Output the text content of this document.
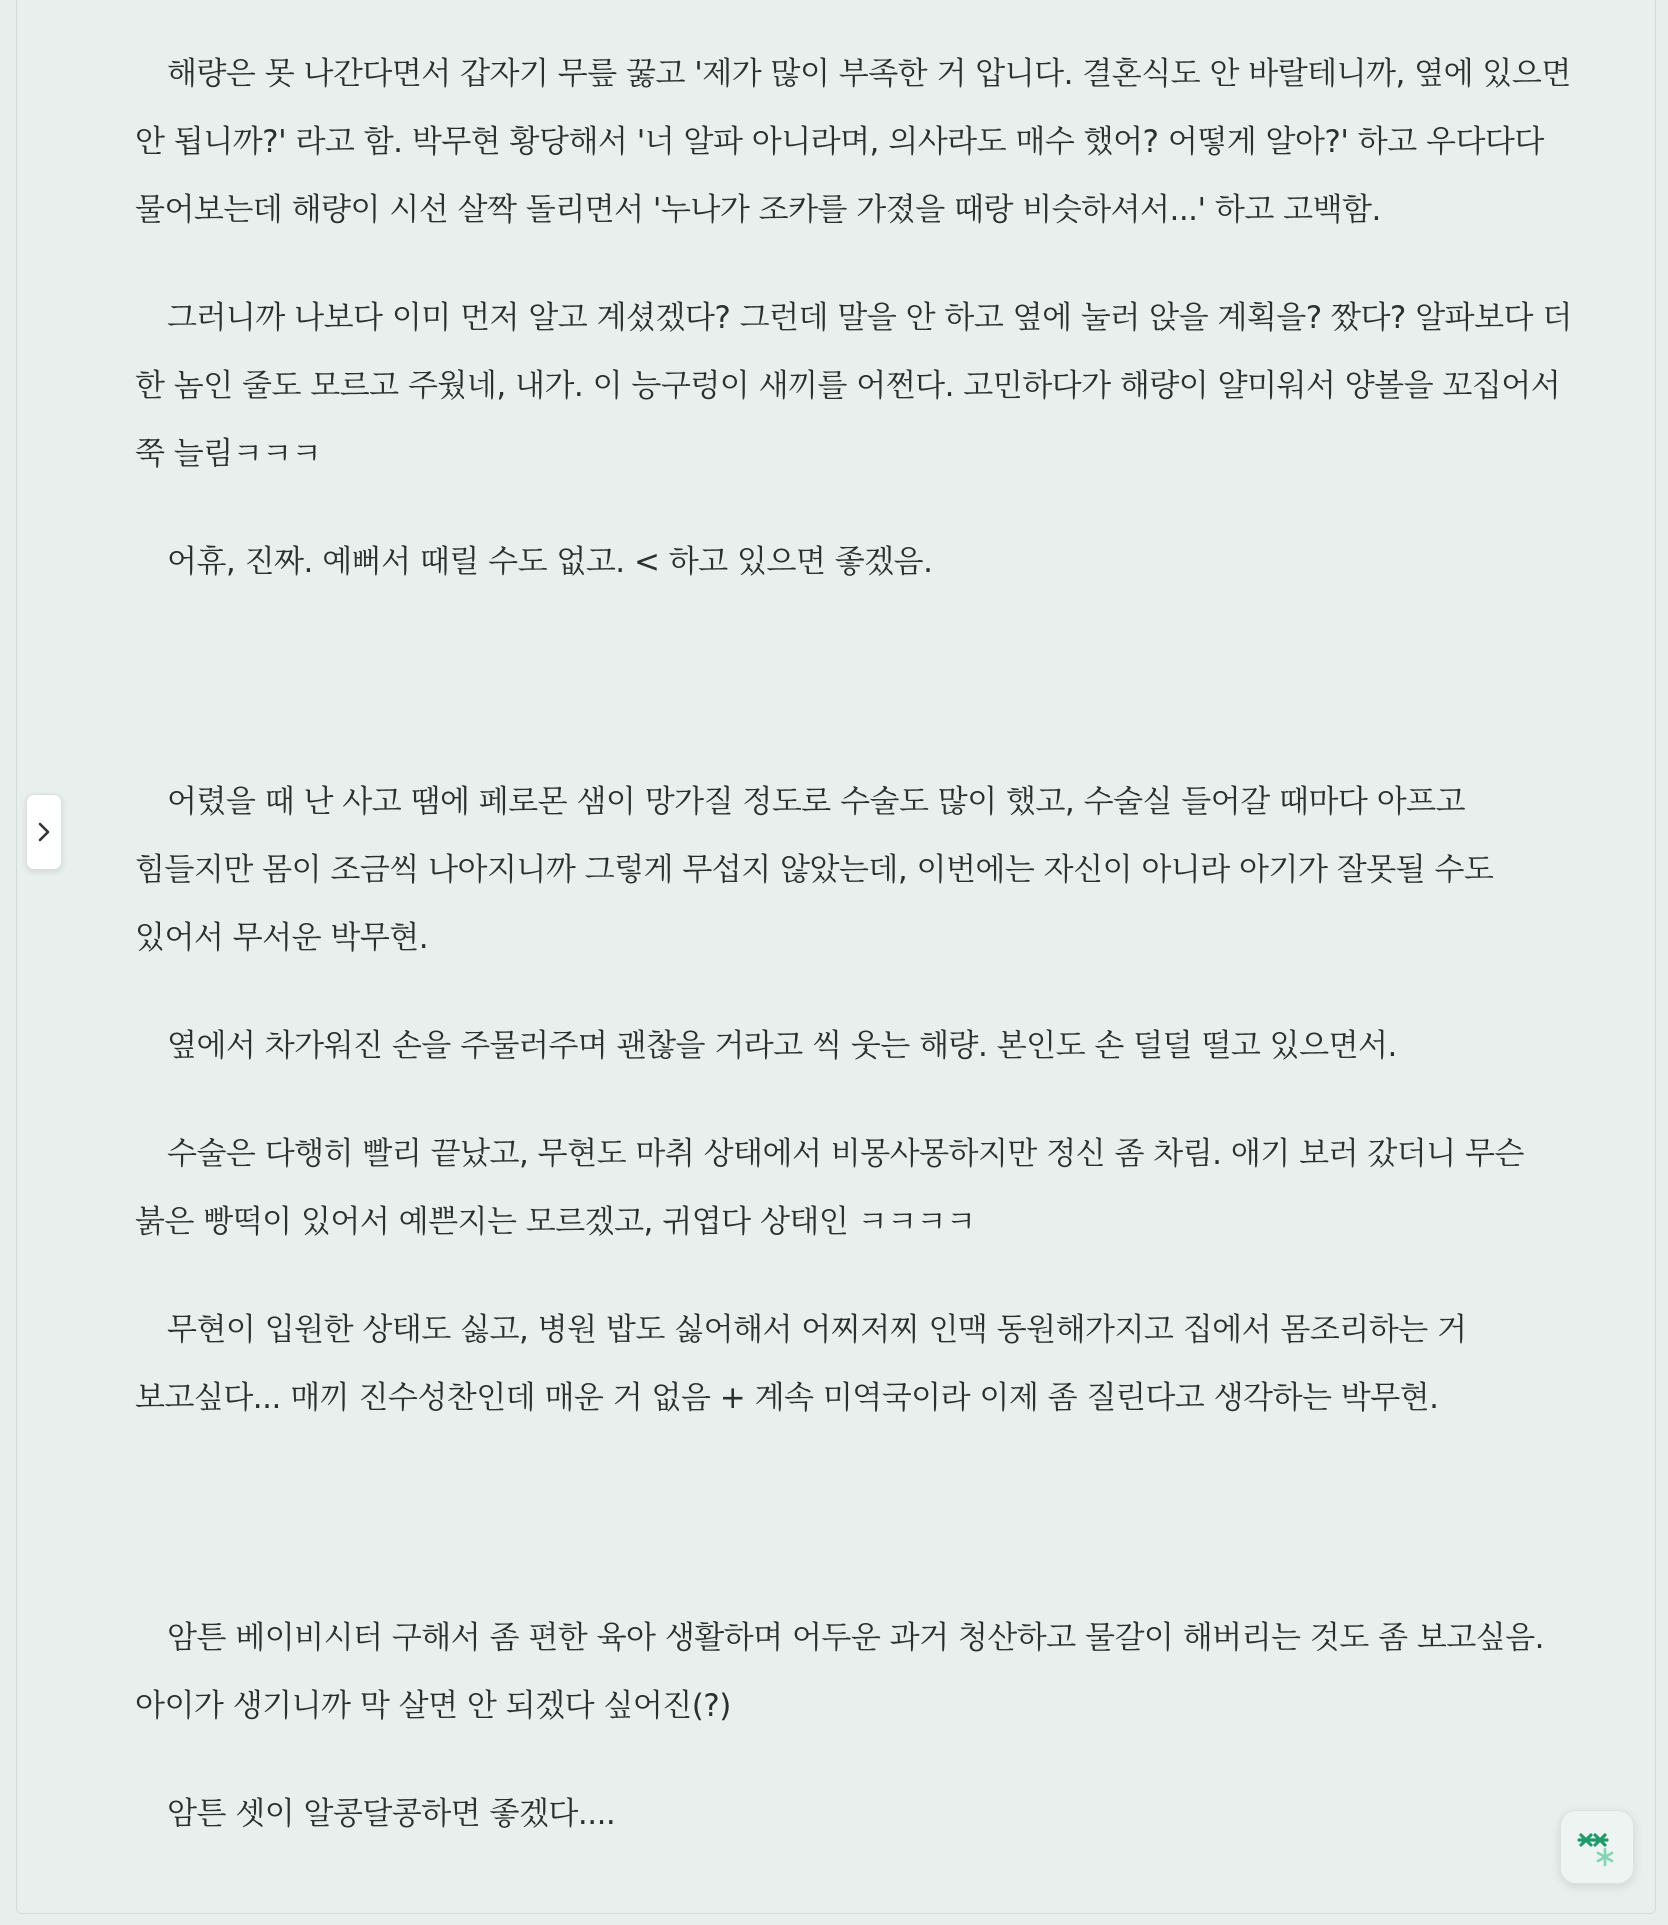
해량은 못 나간다면서 갑자기 무릎 꿇고 '제가 많이 부족한 거 압니다. 결혼식도 안 바랄테니까, 옆에 있으면 안 됩니까?' 라고 함. 박무현 황당해서 '너 알파 아니라며, 의사라도 매수 했어? 어떻게 알아?' 하고 우다다다 물어보는데 해량이 시선 살짝 돌리면서 '누나가 조카를 가졌을 때랑 비슷하셔서...' 하고 고백함.

그러니까 나보다 이미 먼저 알고 계셨겠다? 그런데 말을 안 하고 옆에 눌러 앉을 계획을? 짰다? 알파보다 더 한 놈인 줄도 모르고 주웠네, 내가. 이 능구렁이 새끼를 어쩐다. 고민하다가 해량이 얄미워서 양볼을 꼬집어서 쭉 늘림ㅋㅋㅋ

어휴, 진짜. 예뻐서 때릴 수도 없고. < 하고 있으면 좋겠음.

어렸을 때 난 사고 땜에 페로몬 샘이 망가질 정도로 수술도 많이 했고, 수술실 들어갈 때마다 아프고 힘들지만 몸이 조금씩 나아지니까 그렇게 무섭지 않았는데, 이번에는 자신이 아니라 아기가 잘못될 수도 있어서 무서운 박무현.

옆에서 차가워진 손을 주물러주며 괜찮을 거라고 씩 웃는 해량. 본인도 손 덜덜 떨고 있으면서.

수술은 다행히 빨리 끝났고, 무현도 마취 상태에서 비몽사몽하지만 정신 좀 차림. 애기 보러 갔더니 무슨 붉은 빵떡이 있어서 예쁜지는 모르겠고, 귀엽다 상태인 ㅋㅋㅋㅋ

무현이 입원한 상태도 싫고, 병원 밥도 싫어해서 어찌저찌 인맥 동원해가지고 집에서 몸조리하는 거 보고싶다... 매끼 진수성찬인데 매운 거 없음 + 계속 미역국이라 이제 좀 질린다고 생각하는 박무현.

암튼 베이비시터 구해서 좀 편한 육아 생활하며 어두운 과거 청산하고 물갈이 해버리는 것도 좀 보고싶음. 아이가 생기니까 막 살면 안 되겠다 싶어진(?)

암튼 셋이 알콩달콩하면 좋겠다....
